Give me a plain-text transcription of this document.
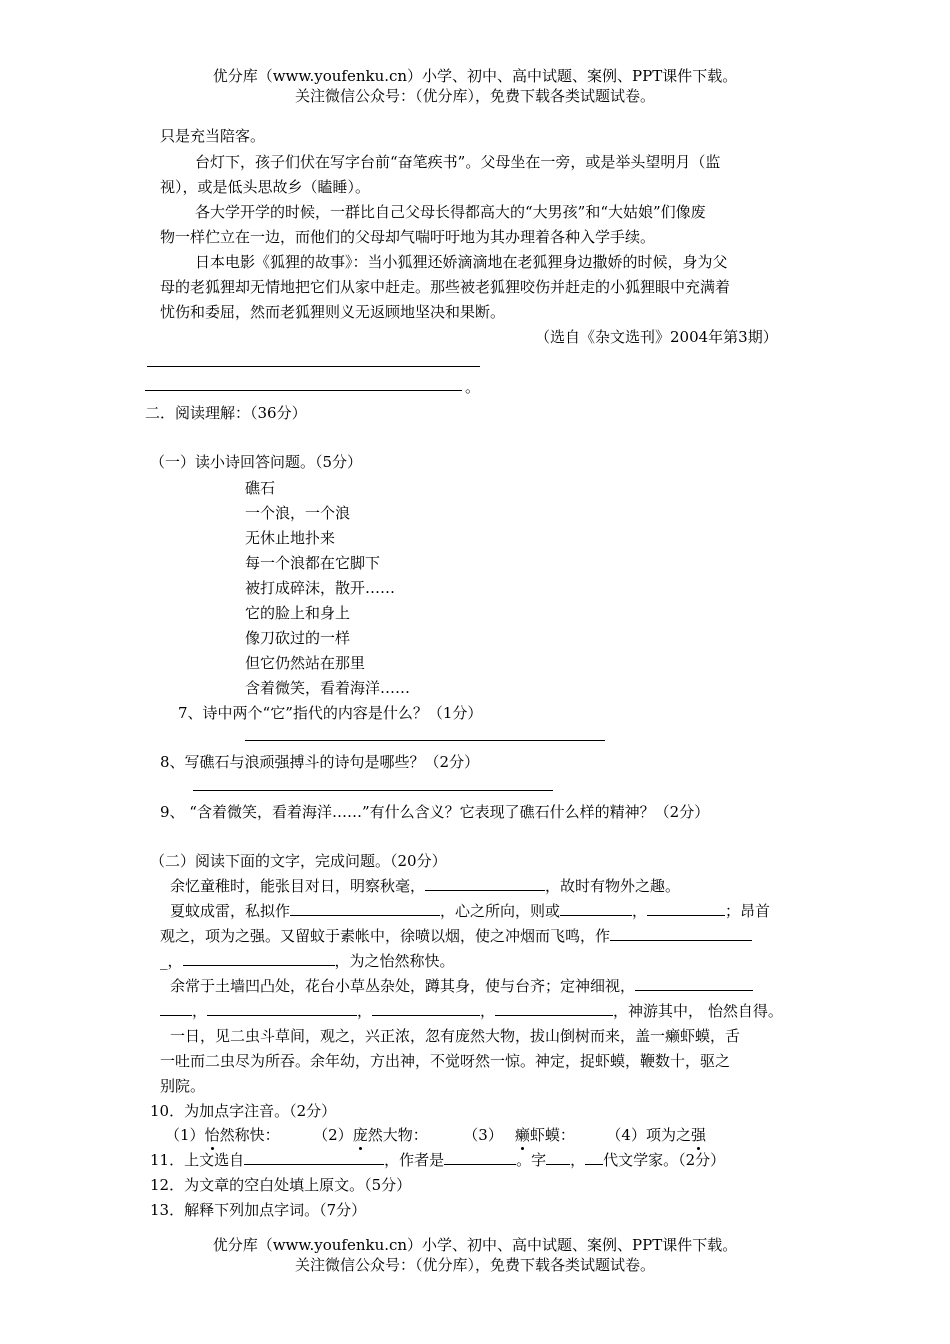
优分库（www.youfenku.cn）小学、初中、高中试题、案例、PPT课件下载。
关注微信公众号：（优分库），免费下载各类试题试卷。
只是充当陪客。
台灯下，孩子们伏在写字台前“奋笔疾书”。父母坐在一旁，或是举头望明月（监
视），或是低头思故乡（瞌睡）。
各大学开学的时候，一群比自己父母长得都高大的“大男孩”和“大姑娘”们像废
物一样伫立在一边，而他们的父母却气喘吁吁地为其办理着各种入学手续。
日本电影《狐狸的故事》：当小狐狸还娇滴滴地在老狐狸身边撒娇的时候，身为父
母的老狐狸却无情地把它们从家中赶走。那些被老狐狸咬伤并赶走的小狐狸眼中充满着
忧伤和委屈，然而老狐狸则义无返顾地坚决和果断。
（选自《杂文选刊》2004年第3期）
。
二．阅读理解：（36分）
（一）读小诗回答问题。（5分）
礁石
一个浪，一个浪
无休止地扑来
每一个浪都在它脚下
被打成碎沫，散开……
它的脸上和身上
像刀砍过的一样
但它仍然站在那里
含着微笑，看着海洋……
7、诗中两个“它”指代的内容是什么？（1分）
8、写礁石与浪顽强搏斗的诗句是哪些？（2分）
9、 “含着微笑，看着海洋……”有什么含义？它表现了礁石什么样的精神？（2分）
（二）阅读下面的文字，完成问题。（20分）
余忆童稚时，能张目对日，明察秋毫，	，故时有物外之趣。
夏蚊成雷，私拟作	，心之所向，则或	，	；昂首
观之，项为之强。又留蚊于素帐中，徐喷以烟，使之冲烟而飞鸣，作
_，	，为之怡然称快。
余常于土墙凹凸处，花台小草丛杂处，蹲其身，使与台齐；定神细视，
，	，	，	，神游其中， 怡然自得。
一日，见二虫斗草间，观之，兴正浓，忽有庞然大物，拔山倒树而来，盖一癞虾蟆，舌
一吐而二虫尽为所吞。余年幼，方出神，不觉呀然一惊。神定，捉虾蟆，鞭数十，驱之
别院。
10．为加点字注音。（2分）
（1）怡然称快： （2）庞然大物： （3） 癞虾蟆： （4）项为之强
11．上文选自	，作者是	。字 ， 代文学家。（2分）
12．为文章的空白处填上原文。（5分）
13．解释下列加点字词。（7分）
优分库（www.youfenku.cn）小学、初中、高中试题、案例、PPT课件下载。
关注微信公众号：（优分库），免费下载各类试题试卷。
